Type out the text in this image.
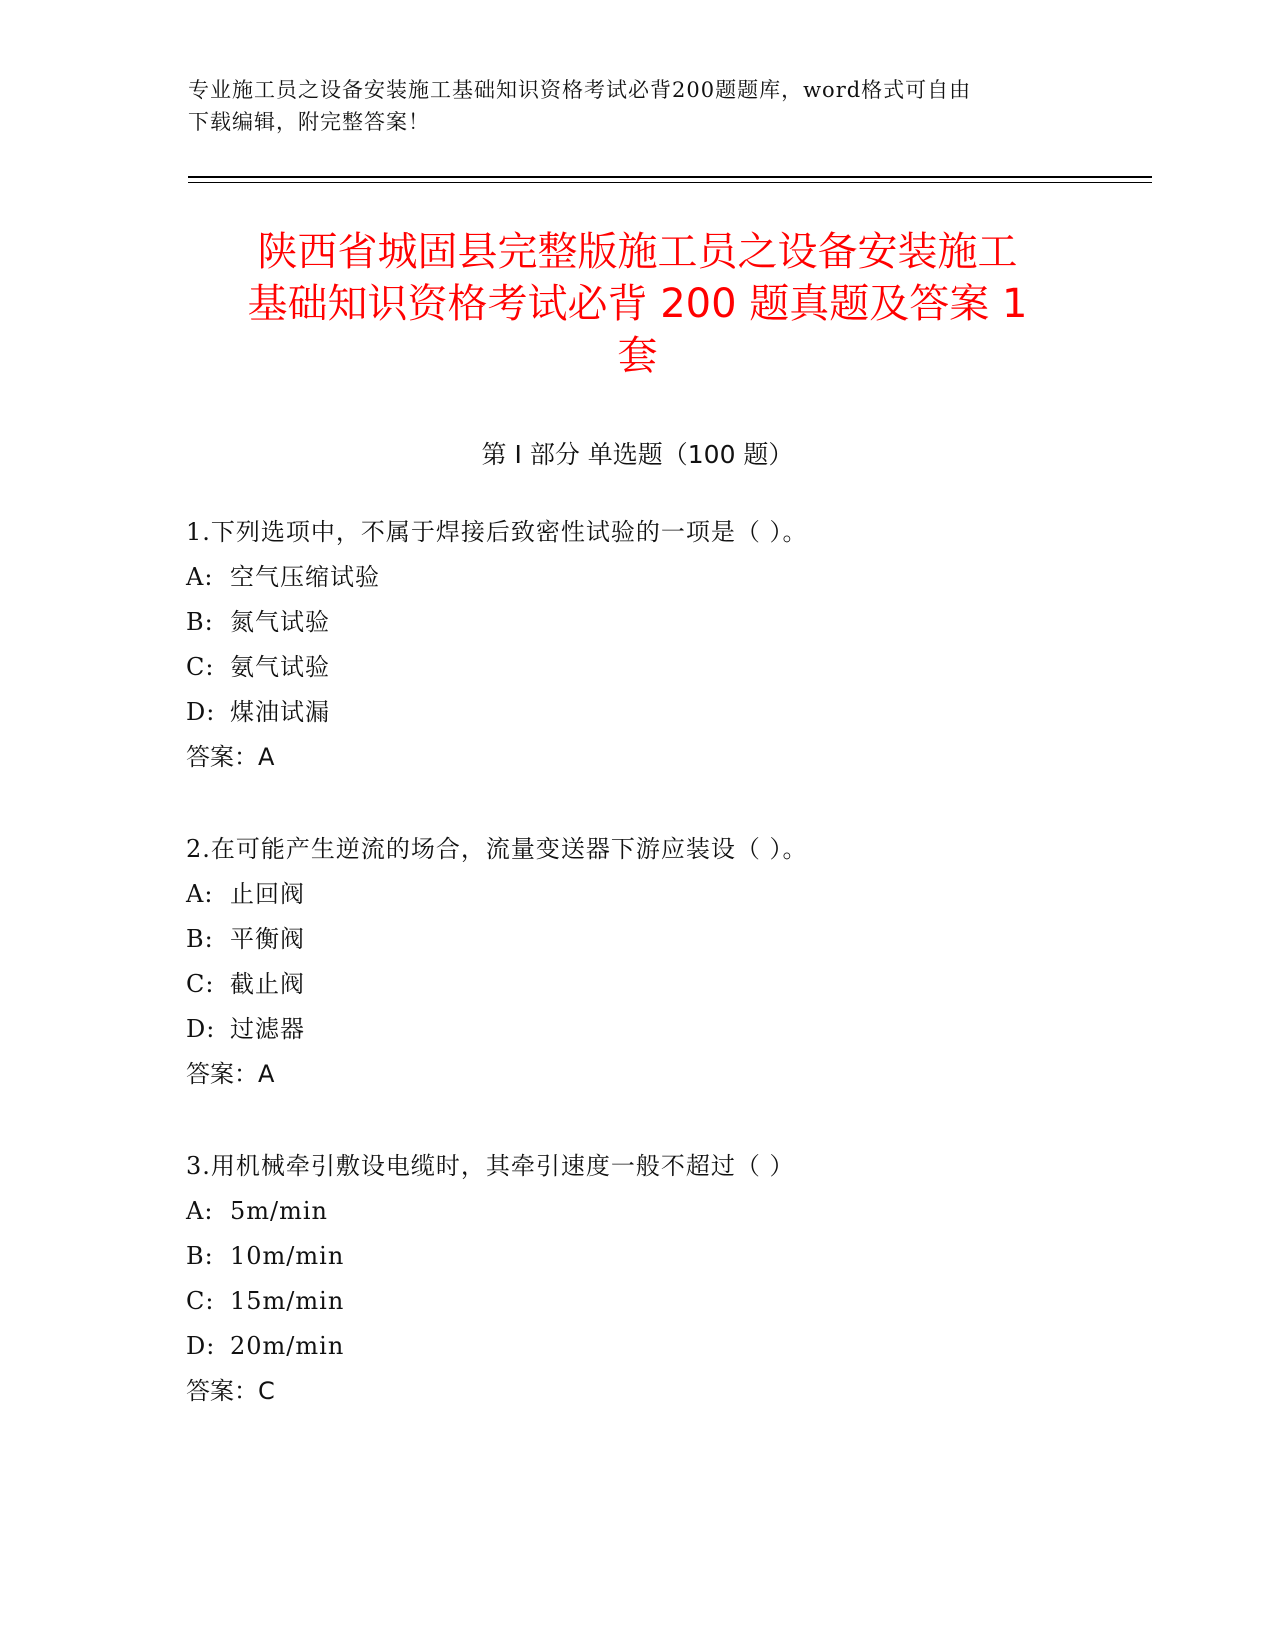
专业施工员之设备安装施工基础知识资格考试必背200题题库，word格式可自由
下载编辑，附完整答案！
陕西省城固县完整版施工员之设备安装施工
基础知识资格考试必背 200 题真题及答案 1
套
第 I 部分 单选题（100 题）
1.下列选项中，不属于焊接后致密性试验的一项是（ ）。
A: 空气压缩试验
B: 氮气试验
C: 氨气试验
D: 煤油试漏
答案：A
2.在可能产生逆流的场合，流量变送器下游应装设（ ）。
A: 止回阀
B: 平衡阀
C: 截止阀
D: 过滤器
答案：A
3.用机械牵引敷设电缆时，其牵引速度一般不超过（ ）
A: 5m/min
B: 10m/min
C: 15m/min
D: 20m/min
答案：C
